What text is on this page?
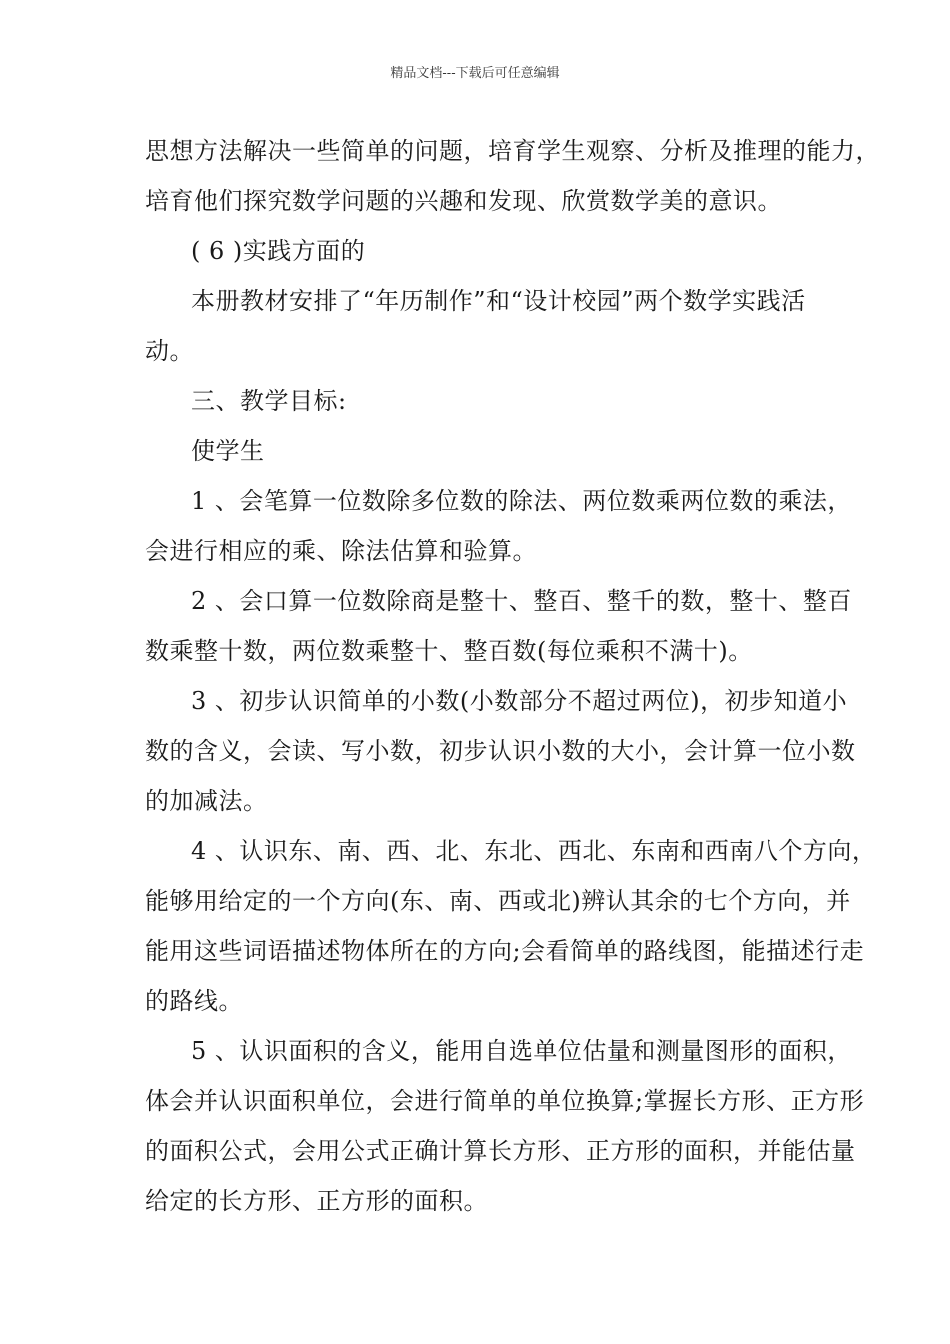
精品文档---下载后可任意编辑
思想方法解决一些简单的问题，培育学生观察、分析及推理的能力，
培育他们探究数学问题的兴趣和发现、欣赏数学美的意识。
( 6 )实践方面的
本册教材安排了“年历制作”和“设计校园”两个数学实践活
动。
三、教学目标:
使学生
1 、会笔算一位数除多位数的除法、两位数乘两位数的乘法，
会进行相应的乘、除法估算和验算。
2 、会口算一位数除商是整十、整百、整千的数，整十、整百
数乘整十数，两位数乘整十、整百数(每位乘积不满十)。
3 、初步认识简单的小数(小数部分不超过两位)，初步知道小
数的含义，会读、写小数，初步认识小数的大小，会计算一位小数
的加减法。
4 、认识东、南、西、北、东北、西北、东南和西南八个方向，
能够用给定的一个方向(东、南、西或北)辨认其余的七个方向，并
能用这些词语描述物体所在的方向;会看简单的路线图，能描述行走
的路线。
5 、认识面积的含义，能用自选单位估量和测量图形的面积，
体会并认识面积单位，会进行简单的单位换算;掌握长方形、正方形
的面积公式，会用公式正确计算长方形、正方形的面积，并能估量
给定的长方形、正方形的面积。
